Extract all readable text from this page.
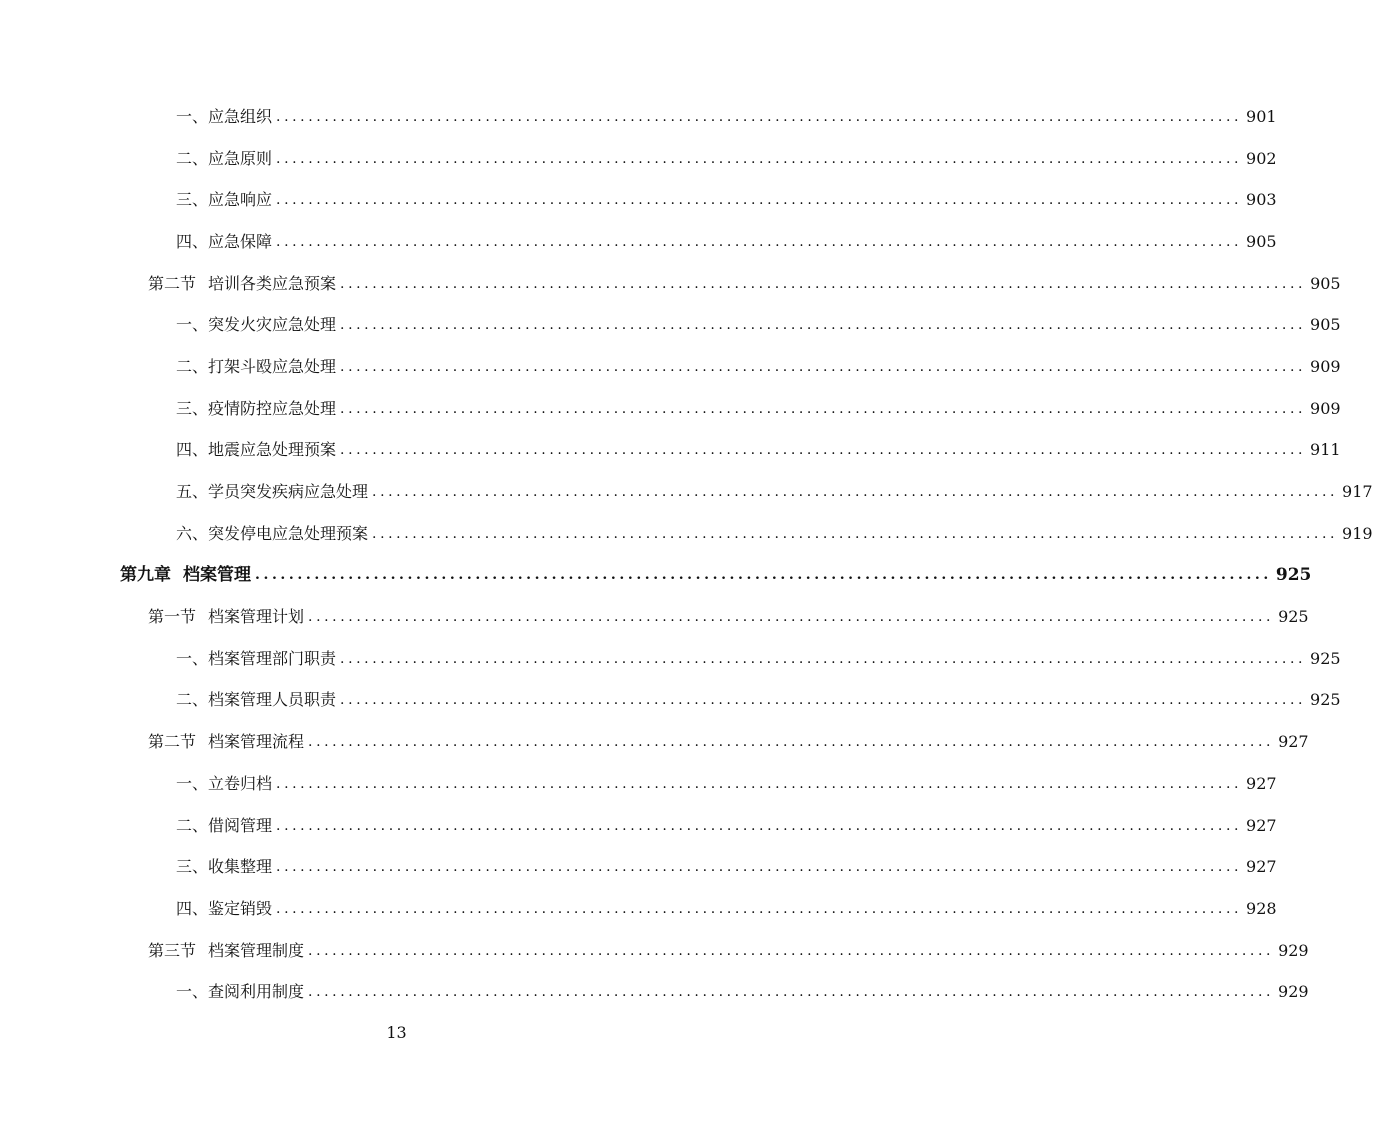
一、应急组织 ........................................................................................................................ 901
二、应急原则 ........................................................................................................................ 902
三、应急响应 ........................................................................................................................ 903
四、应急保障 ........................................................................................................................ 905
第二节 培训各类应急预案 ........................................................................................................................ 905
一、突发火灾应急处理 ........................................................................................................................ 905
二、打架斗殴应急处理 ........................................................................................................................ 909
三、疫情防控应急处理 ........................................................................................................................ 909
四、地震应急处理预案 ........................................................................................................................ 911
五、学员突发疾病应急处理 ........................................................................................................................ 917
六、突发停电应急处理预案 ........................................................................................................................ 919
第九章 档案管理 ........................................................................................................................ 925
第一节 档案管理计划 ........................................................................................................................ 925
一、档案管理部门职责 ........................................................................................................................ 925
二、档案管理人员职责 ........................................................................................................................ 925
第二节 档案管理流程 ........................................................................................................................ 927
一、立卷归档 ........................................................................................................................ 927
二、借阅管理 ........................................................................................................................ 927
三、收集整理 ........................................................................................................................ 927
四、鉴定销毁 ........................................................................................................................ 928
第三节 档案管理制度 ........................................................................................................................ 929
一、查阅利用制度 ........................................................................................................................ 929
13
